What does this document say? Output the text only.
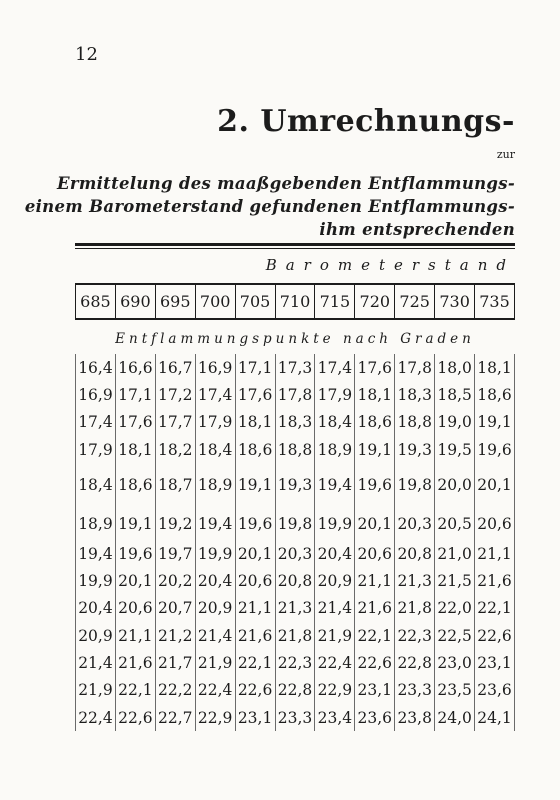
12
2. Umrechnungs-
zur
Ermittelung des maaßgebenden Entflammungs-
einem Barometerstand gefundenen Entflammungs-
ihm entsprechenden
Barometerstand
685	690	695	700	705	710	715	720	725	730	735
Entflammungspunkte nach Graden
16,4	16,6	16,7	16,9	17,1	17,3	17,4	17,6	17,8	18,0	18,1
16,9	17,1	17,2	17,4	17,6	17,8	17,9	18,1	18,3	18,5	18,6
17,4	17,6	17,7	17,9	18,1	18,3	18,4	18,6	18,8	19,0	19,1
17,9	18,1	18,2	18,4	18,6	18,8	18,9	19,1	19,3	19,5	19,6
18,4	18,6	18,7	18,9	19,1	19,3	19,4	19,6	19,8	20,0	20,1
18,9	19,1	19,2	19,4	19,6	19,8	19,9	20,1	20,3	20,5	20,6
19,4	19,6	19,7	19,9	20,1	20,3	20,4	20,6	20,8	21,0	21,1
19,9	20,1	20,2	20,4	20,6	20,8	20,9	21,1	21,3	21,5	21,6
20,4	20,6	20,7	20,9	21,1	21,3	21,4	21,6	21,8	22,0	22,1
20,9	21,1	21,2	21,4	21,6	21,8	21,9	22,1	22,3	22,5	22,6
21,4	21,6	21,7	21,9	22,1	22,3	22,4	22,6	22,8	23,0	23,1
21,9	22,1	22,2	22,4	22,6	22,8	22,9	23,1	23,3	23,5	23,6
22,4	22,6	22,7	22,9	23,1	23,3	23,4	23,6	23,8	24,0	24,1
